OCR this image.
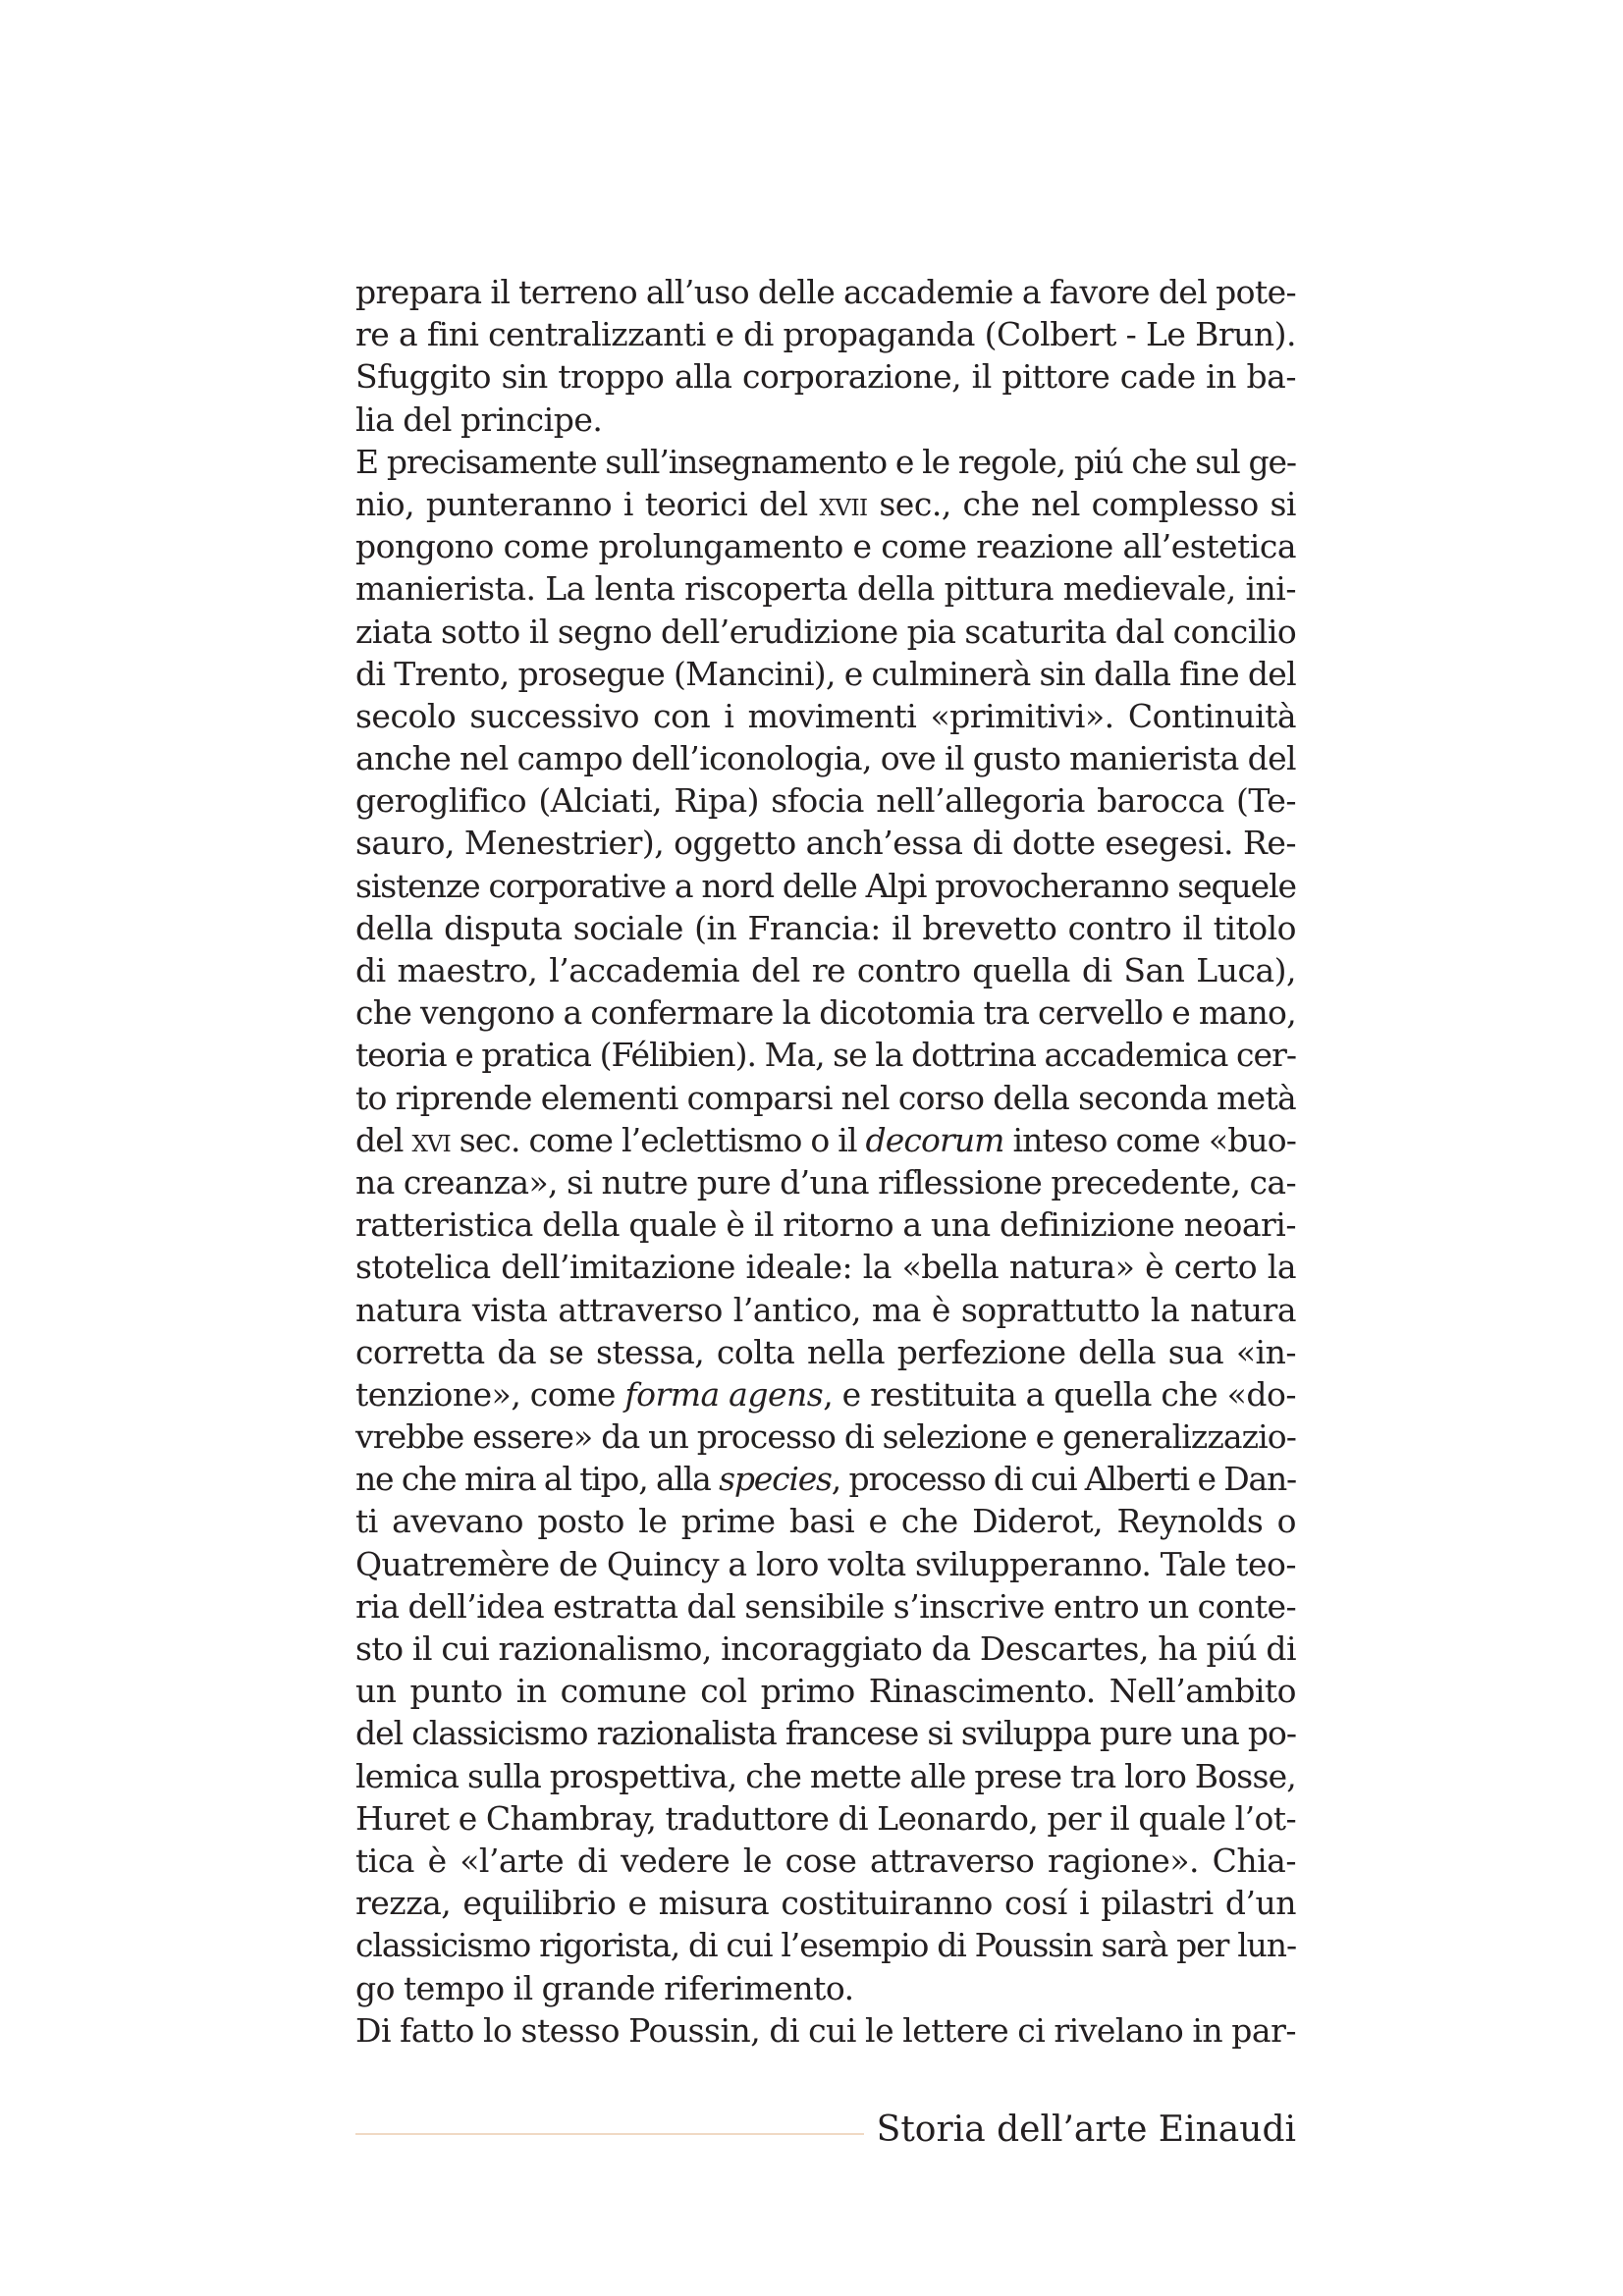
prepara il terreno all’uso delle accademie a favore del pote-
re a fini centralizzanti e di propaganda (Colbert - Le Brun).
Sfuggito sin troppo alla corporazione, il pittore cade in ba-
lia del principe.
E precisamente sull’insegnamento e le regole, piú che sul ge-
nio, punteranno i teorici del xvii sec., che nel complesso si
pongono come prolungamento e come reazione all’estetica
manierista. La lenta riscoperta della pittura medievale, ini-
ziata sotto il segno dell’erudizione pia scaturita dal concilio
di Trento, prosegue (Mancini), e culminerà sin dalla fine del
secolo successivo con i movimenti «primitivi». Continuità
anche nel campo dell’iconologia, ove il gusto manierista del
geroglifico (Alciati, Ripa) sfocia nell’allegoria barocca (Te-
sauro, Menestrier), oggetto anch’essa di dotte esegesi. Re-
sistenze corporative a nord delle Alpi provocheranno sequele
della disputa sociale (in Francia: il brevetto contro il titolo
di maestro, l’accademia del re contro quella di San Luca),
che vengono a confermare la dicotomia tra cervello e mano,
teoria e pratica (Félibien). Ma, se la dottrina accademica cer-
to riprende elementi comparsi nel corso della seconda metà
del xvi sec. come l’eclettismo o il decorum inteso come «buo-
na creanza», si nutre pure d’una riflessione precedente, ca-
ratteristica della quale è il ritorno a una definizione neoari-
stotelica dell’imitazione ideale: la «bella natura» è certo la
natura vista attraverso l’antico, ma è soprattutto la natura
corretta da se stessa, colta nella perfezione della sua «in-
tenzione», come forma agens, e restituita a quella che «do-
vrebbe essere» da un processo di selezione e generalizzazio-
ne che mira al tipo, alla species, processo di cui Alberti e Dan-
ti avevano posto le prime basi e che Diderot, Reynolds o
Quatremère de Quincy a loro volta svilupperanno. Tale teo-
ria dell’idea estratta dal sensibile s’inscrive entro un conte-
sto il cui razionalismo, incoraggiato da Descartes, ha piú di
un punto in comune col primo Rinascimento. Nell’ambito
del classicismo razionalista francese si sviluppa pure una po-
lemica sulla prospettiva, che mette alle prese tra loro Bosse,
Huret e Chambray, traduttore di Leonardo, per il quale l’ot-
tica è «l’arte di vedere le cose attraverso ragione». Chia-
rezza, equilibrio e misura costituiranno cosí i pilastri d’un
classicismo rigorista, di cui l’esempio di Poussin sarà per lun-
go tempo il grande riferimento.
Di fatto lo stesso Poussin, di cui le lettere ci rivelano in par-
Storia dell’arte Einaudi
